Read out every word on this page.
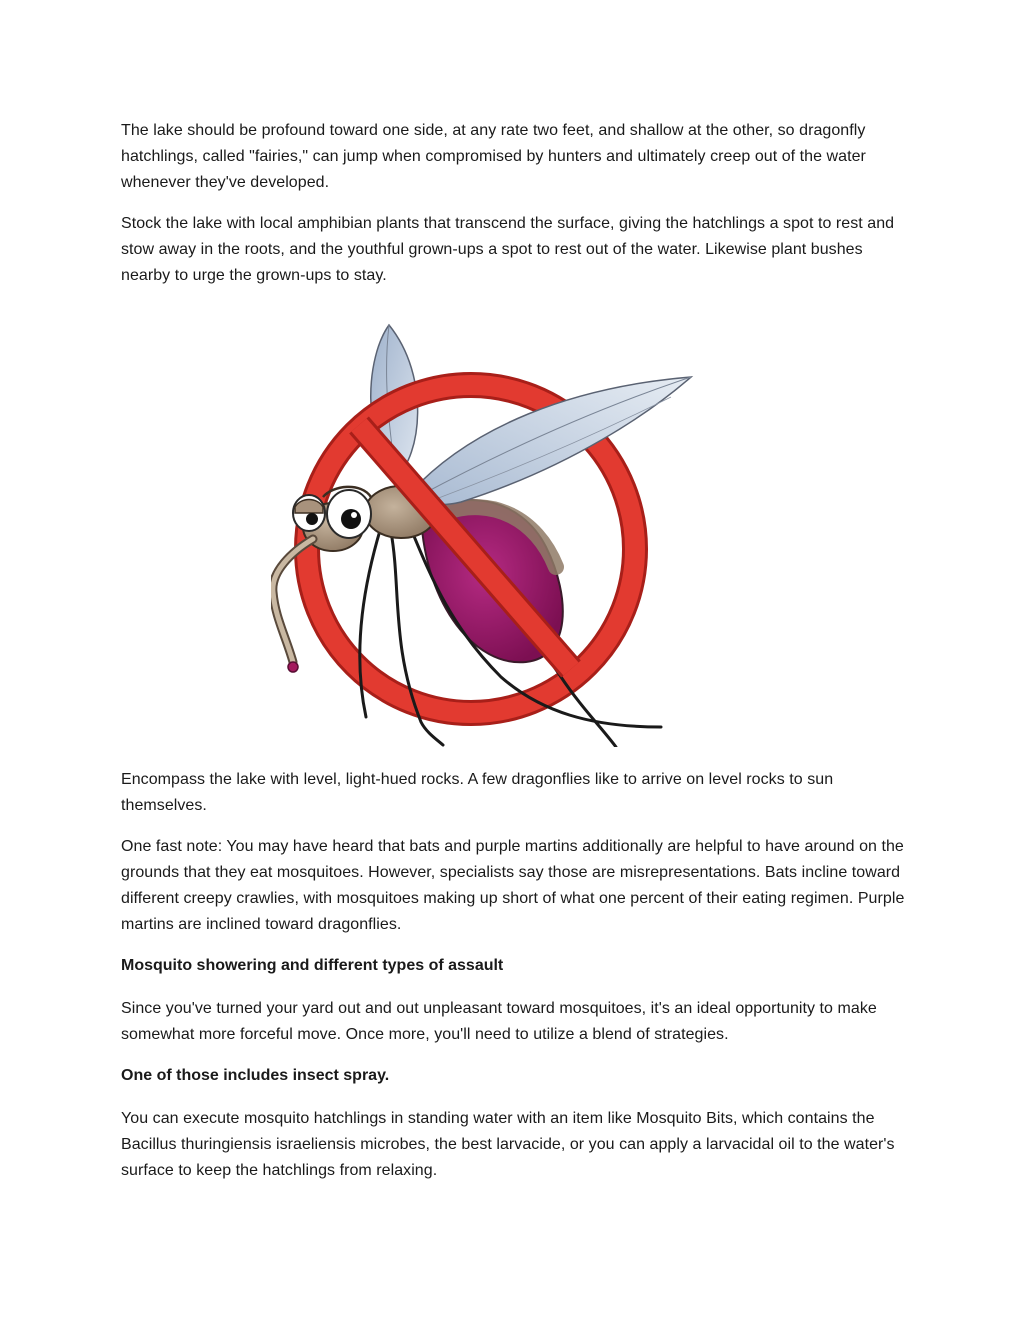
The lake should be profound toward one side, at any rate two feet, and shallow at the other, so dragonfly hatchlings, called "fairies," can jump when compromised by hunters and ultimately creep out of the water whenever they've developed.

Stock the lake with local amphibian plants that transcend the surface, giving the hatchlings a spot to rest and stow away in the roots, and the youthful grown-ups a spot to rest out of the water. Likewise plant bushes nearby to urge the grown-ups to stay.

Encompass the lake with level, light-hued rocks. A few dragonflies like to arrive on level rocks to sun themselves.

One fast note: You may have heard that bats and purple martins additionally are helpful to have around on the grounds that they eat mosquitoes. However, specialists say those are misrepresentations. Bats incline toward different creepy crawlies, with mosquitoes making up short of what one percent of their eating regimen. Purple martins are inclined toward dragonflies.

Mosquito showering and different types of assault

Since you've turned your yard out and out unpleasant toward mosquitoes, it's an ideal opportunity to make somewhat more forceful move. Once more, you'll need to utilize a blend of strategies.

One of those includes insect spray.

You can execute mosquito hatchlings in standing water with an item like Mosquito Bits, which contains the Bacillus thuringiensis israeliensis microbes, the best larvacide, or you can apply a larvacidal oil to the water's surface to keep the hatchlings from relaxing.
